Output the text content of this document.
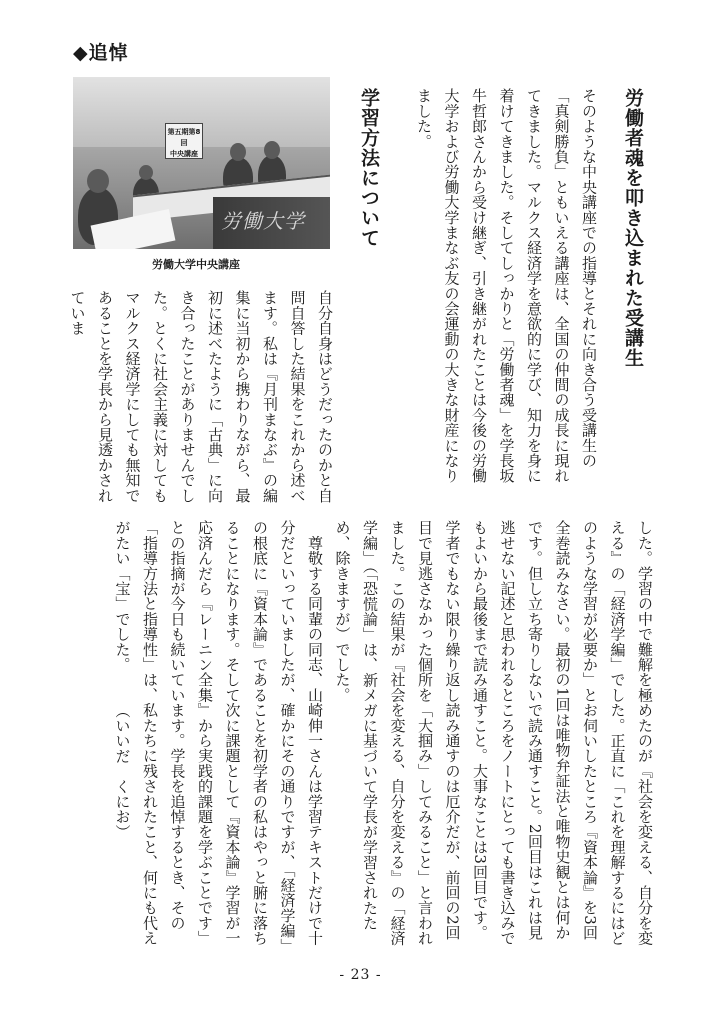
◆追悼
第五期第8回
中央講座
労働大学
労働大学中央講座	労働者魂を叩き込まれた受講生
そのような中央講座での指導とそれに向き合う受講生の「真剣勝負」ともいえる講座は、全国の仲間の成長に現れてきました。マルクス経済学を意欲的に学び、知力を身に着けてきました。そしてしっかりと「労働者魂」を学長坂牛哲郎さんから受け継ぎ、引き継がれたことは今後の労働大学および労働大学まなぶ友の会運動の大きな財産になりました。
学習方法について
自分自身はどうだったのかと自問自答した結果をこれから述べます。私は『月刊まなぶ』の編集に当初から携わりながら、最初に述べたように「古典」に向き合ったことがありませんでした。とくに社会主義に対してもマルクス経済学にしても無知であることを学長から見透かされていま
した。学習の中で難解を極めたのが『社会を変える、自分を変える』の「経済学編」でした。正直に「これを理解するにはどのような学習が必要か」とお伺いしたところ『資本論』を3回全巻読みなさい。最初の1回は唯物弁証法と唯物史観とは何かです。但し立ち寄りしないで読み通すこと。2回目はこれは見逃せない記述と思われるところをノートにとっても書き込みでもよいから最後まで読み通すこと。大事なことは3回目です。学者でもない限り繰り返し読み通すのは厄介だが、前回の2回目で見逃さなかった個所を「大掴み」してみること」と言われました。この結果が『社会を変える、自分を変える』の「経済学編」（「恐慌論」は、新メガに基づいて学長が学習されたため、除きますが）でした。
　尊敬する同輩の同志、山崎伸一さんは学習テキストだけで十分だといっていましたが、確かにその通りですが、「経済学編」の根底に『資本論』であることを初学者の私はやっと腑に落ちることになります。そして次に課題として『資本論』学習が一応済んだら『レーニン全集』から実践的課題を学ぶことです」との指摘が今日も続いています。学長を追悼するとき、その「指導方法と指導性」は、私たちに残されたこと、何にも代えがたい「宝」でした。　　　（いいだ　くにお）
- 23 -
